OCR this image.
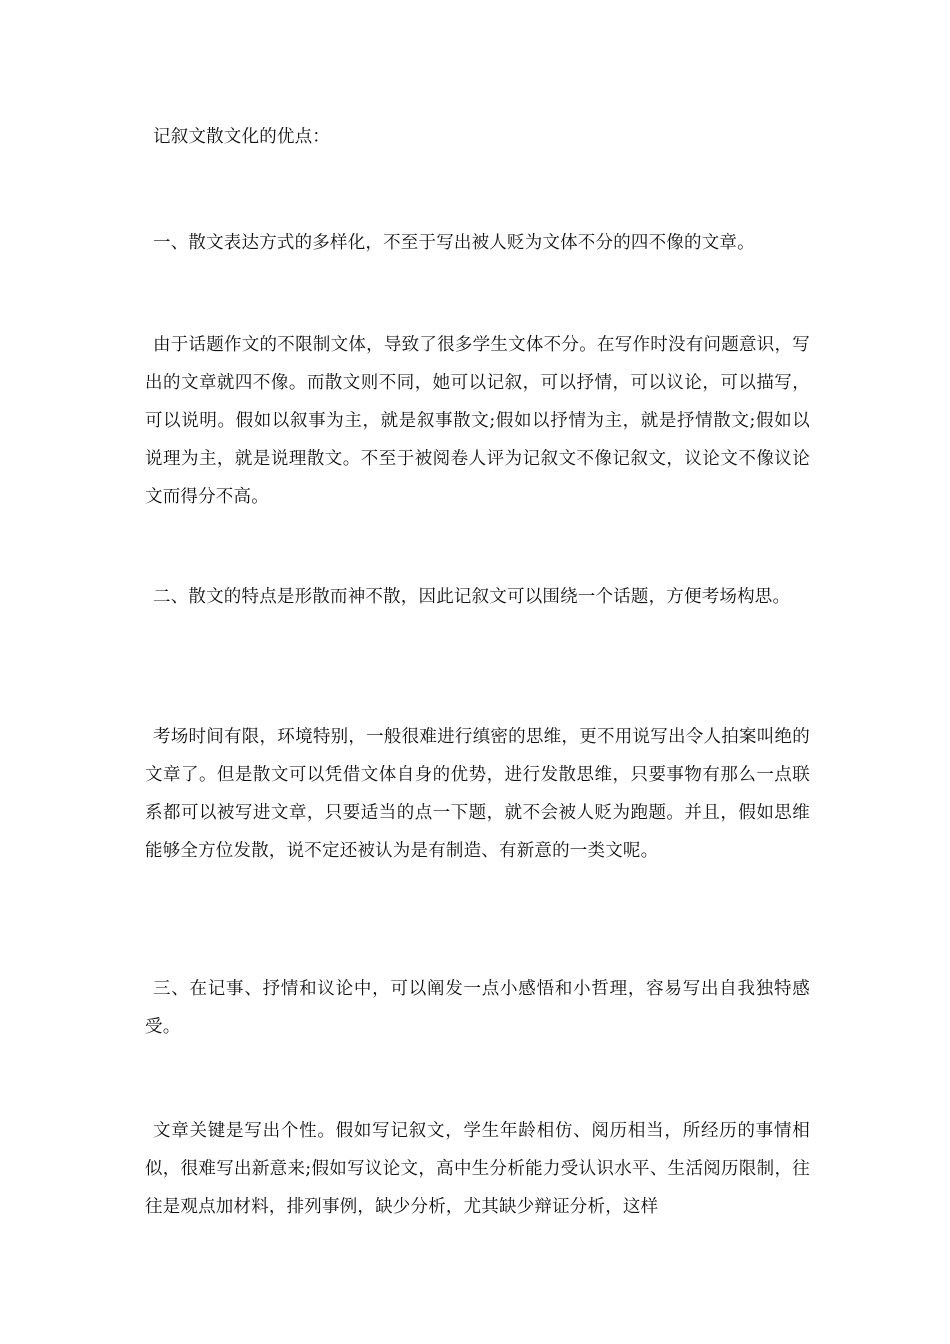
记叙文散文化的优点：

一、散文表达方式的多样化，不至于写出被人贬为文体不分的四不像的文章。

由于话题作文的不限制文体，导致了很多学生文体不分。在写作时没有问题意识，写出的文章就四不像。而散文则不同，她可以记叙，可以抒情，可以议论，可以描写，可以说明。假如以叙事为主，就是叙事散文;假如以抒情为主，就是抒情散文;假如以说理为主，就是说理散文。不至于被阅卷人评为记叙文不像记叙文，议论文不像议论文而得分不高。

二、散文的特点是形散而神不散，因此记叙文可以围绕一个话题，方便考场构思。

考场时间有限，环境特别，一般很难进行缜密的思维，更不用说写出令人拍案叫绝的文章了。但是散文可以凭借文体自身的优势，进行发散思维，只要事物有那么一点联系都可以被写进文章，只要适当的点一下题，就不会被人贬为跑题。并且，假如思维能够全方位发散，说不定还被认为是有制造、有新意的一类文呢。

三、在记事、抒情和议论中，可以阐发一点小感悟和小哲理，容易写出自我独特感受。

文章关键是写出个性。假如写记叙文，学生年龄相仿、阅历相当，所经历的事情相似，很难写出新意来;假如写议论文，高中生分析能力受认识水平、生活阅历限制，往往是观点加材料，排列事例，缺少分析，尤其缺少辩证分析，这样
